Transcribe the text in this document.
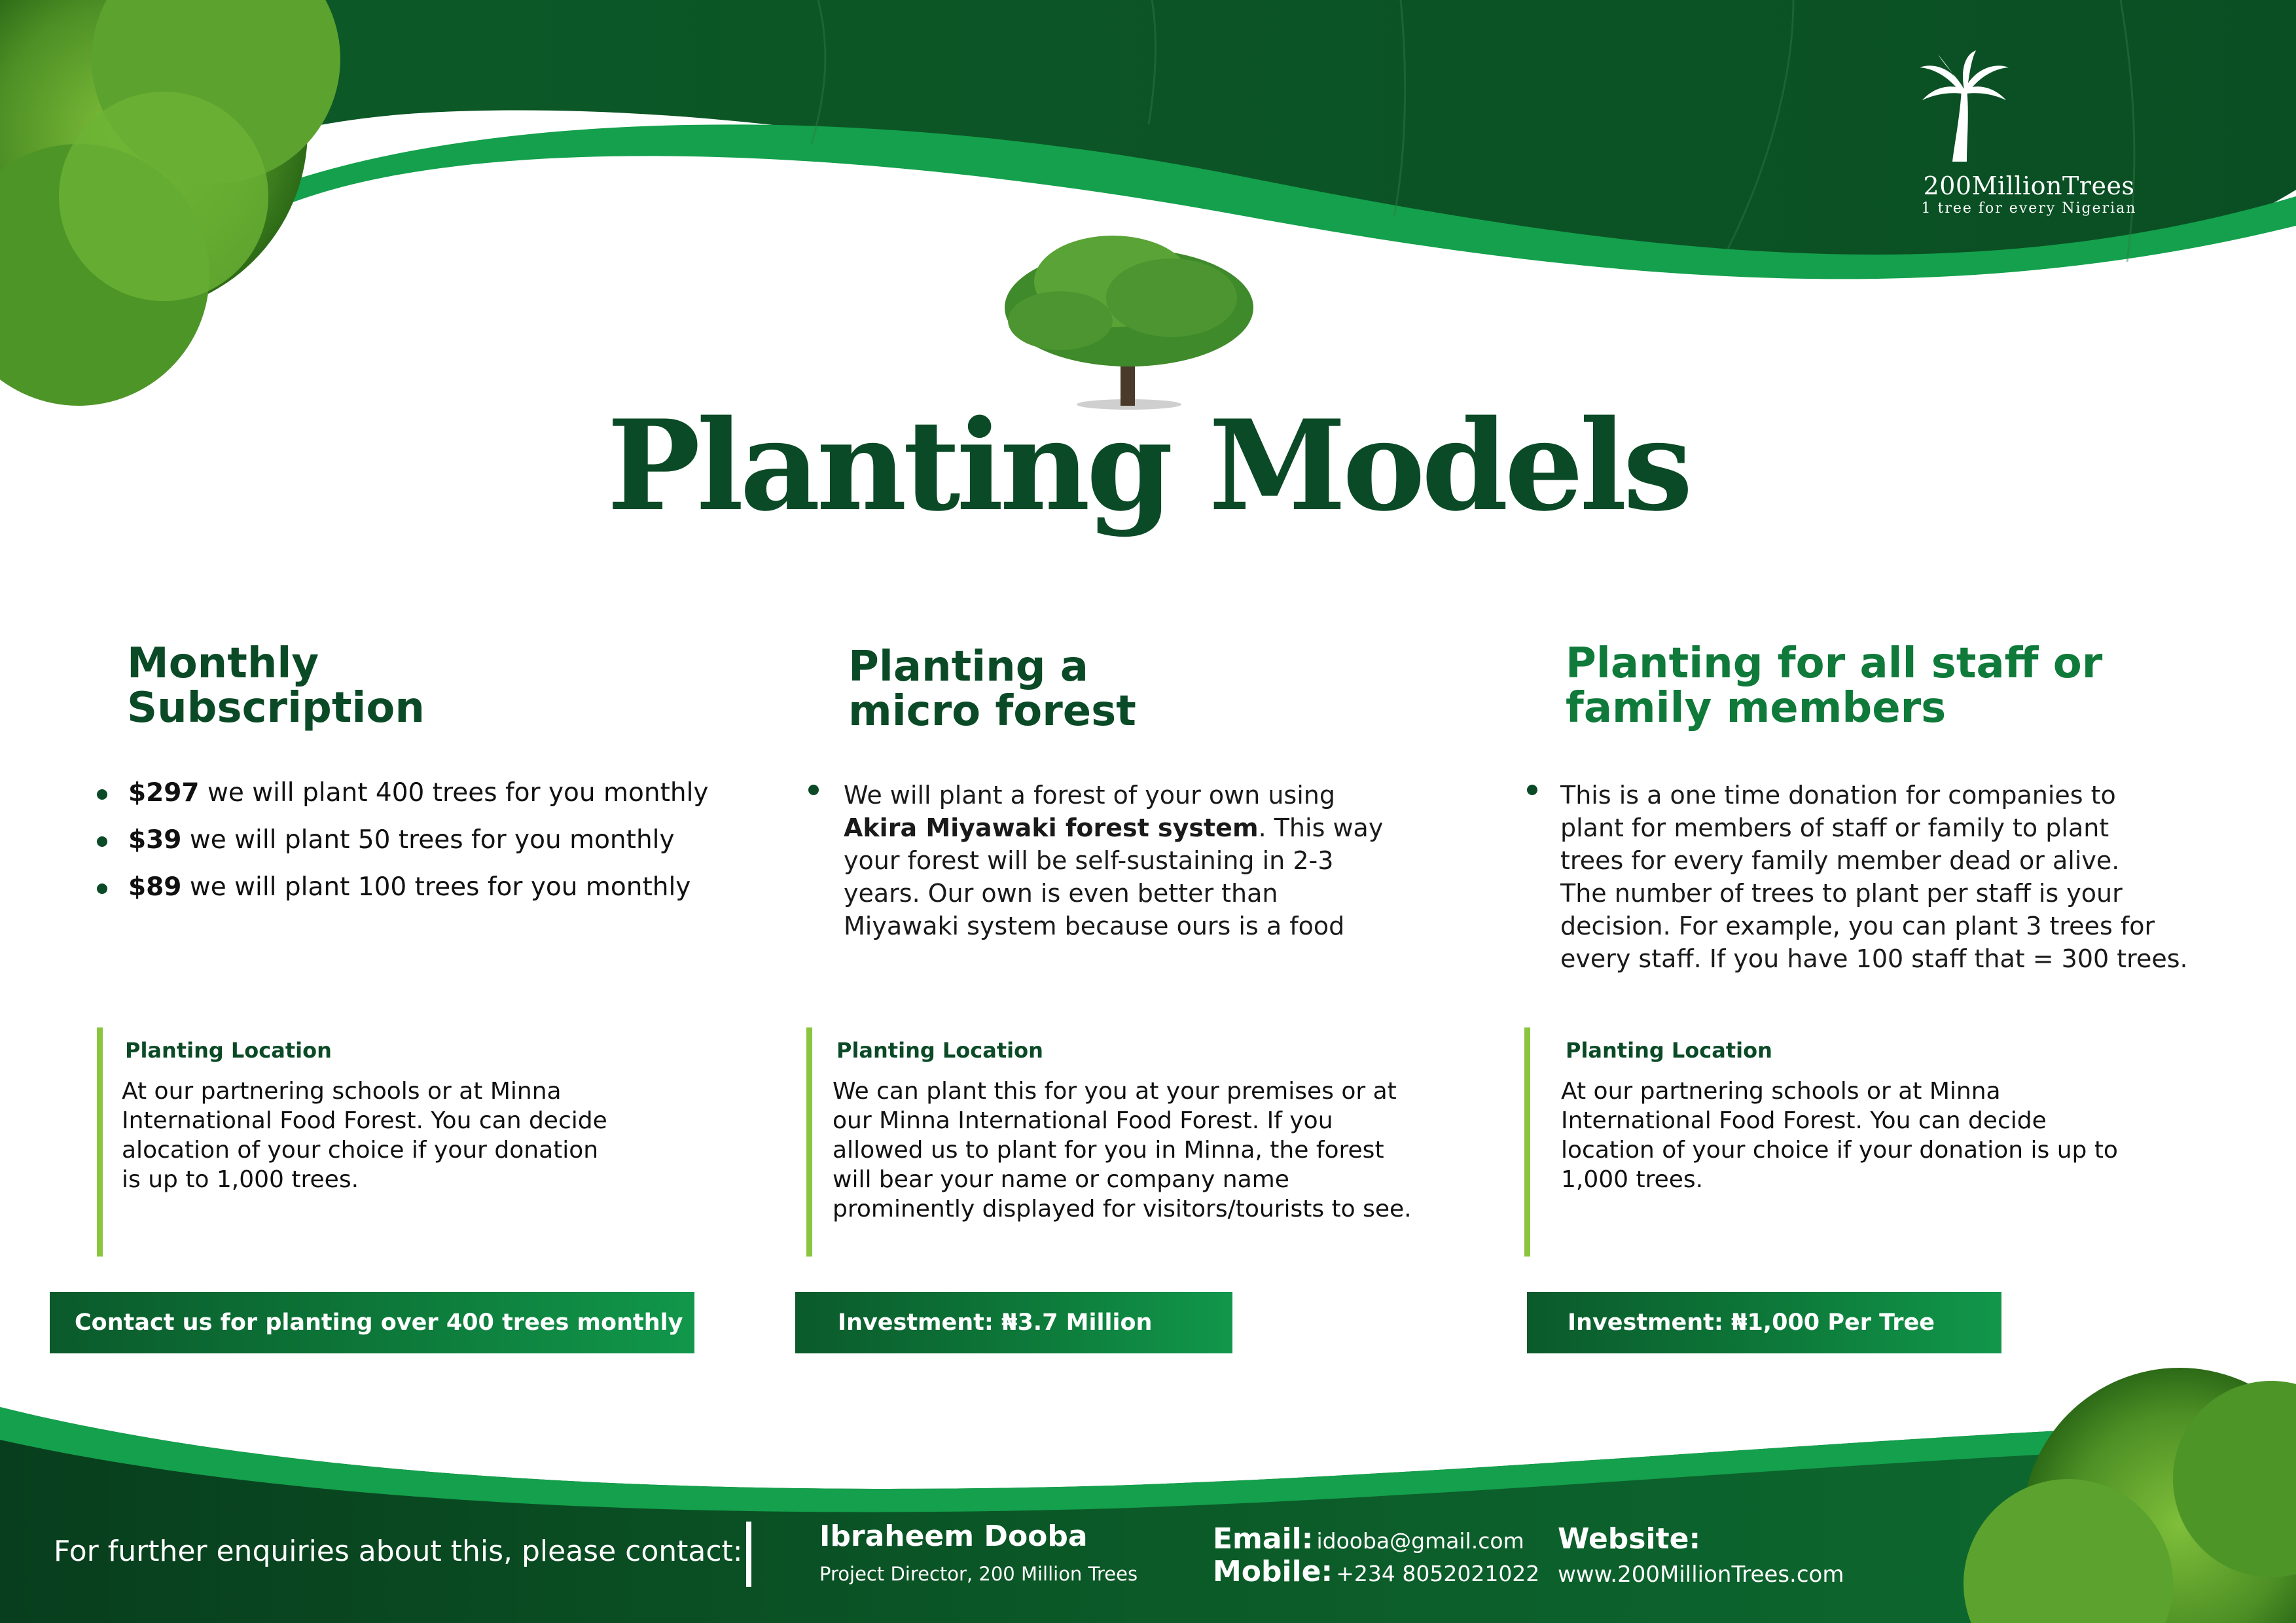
200MillionTrees
1 tree for every Nigerian
Planting Models
Monthly
Subscription
$297 we will plant 400 trees for you monthly
$39 we will plant 50 trees for you monthly
$89 we will plant 100 trees for you monthly
Planting Location
At our partnering schools or at Minna
International Food Forest. You can decide
alocation of your choice if your donation
is up to 1,000 trees.
Contact us for planting over 400 trees monthly
Planting a
micro forest
We will plant a forest of your own using
Akira Miyawaki forest system. This way
your forest will be self-sustaining in 2-3
years. Our own is even better than
Miyawaki system because ours is a food
Planting Location
We can plant this for you at your premises or at
our Minna International Food Forest. If you
allowed us to plant for you in Minna, the forest
will bear your name or company name
prominently displayed for visitors/tourists to see.
Investment: ₦3.7 Million
Planting for all staff or
family members
This is a one time donation for companies to
plant for members of staff or family to plant
trees for every family member dead or alive.
The number of trees to plant per staff is your
decision. For example, you can plant 3 trees for
every staff. If you have 100 staff that = 300 trees.
Planting Location
At our partnering schools or at Minna
International Food Forest. You can decide
location of your choice if your donation is up to
1,000 trees.
Investment: ₦1,000 Per Tree
For further enquiries about this, please contact:	Ibraheem Dooba
Project Director, 200 Million Trees
Email: idooba@gmail.com
Mobile: +234 8052021022
Website:
www.200MillionTrees.com
